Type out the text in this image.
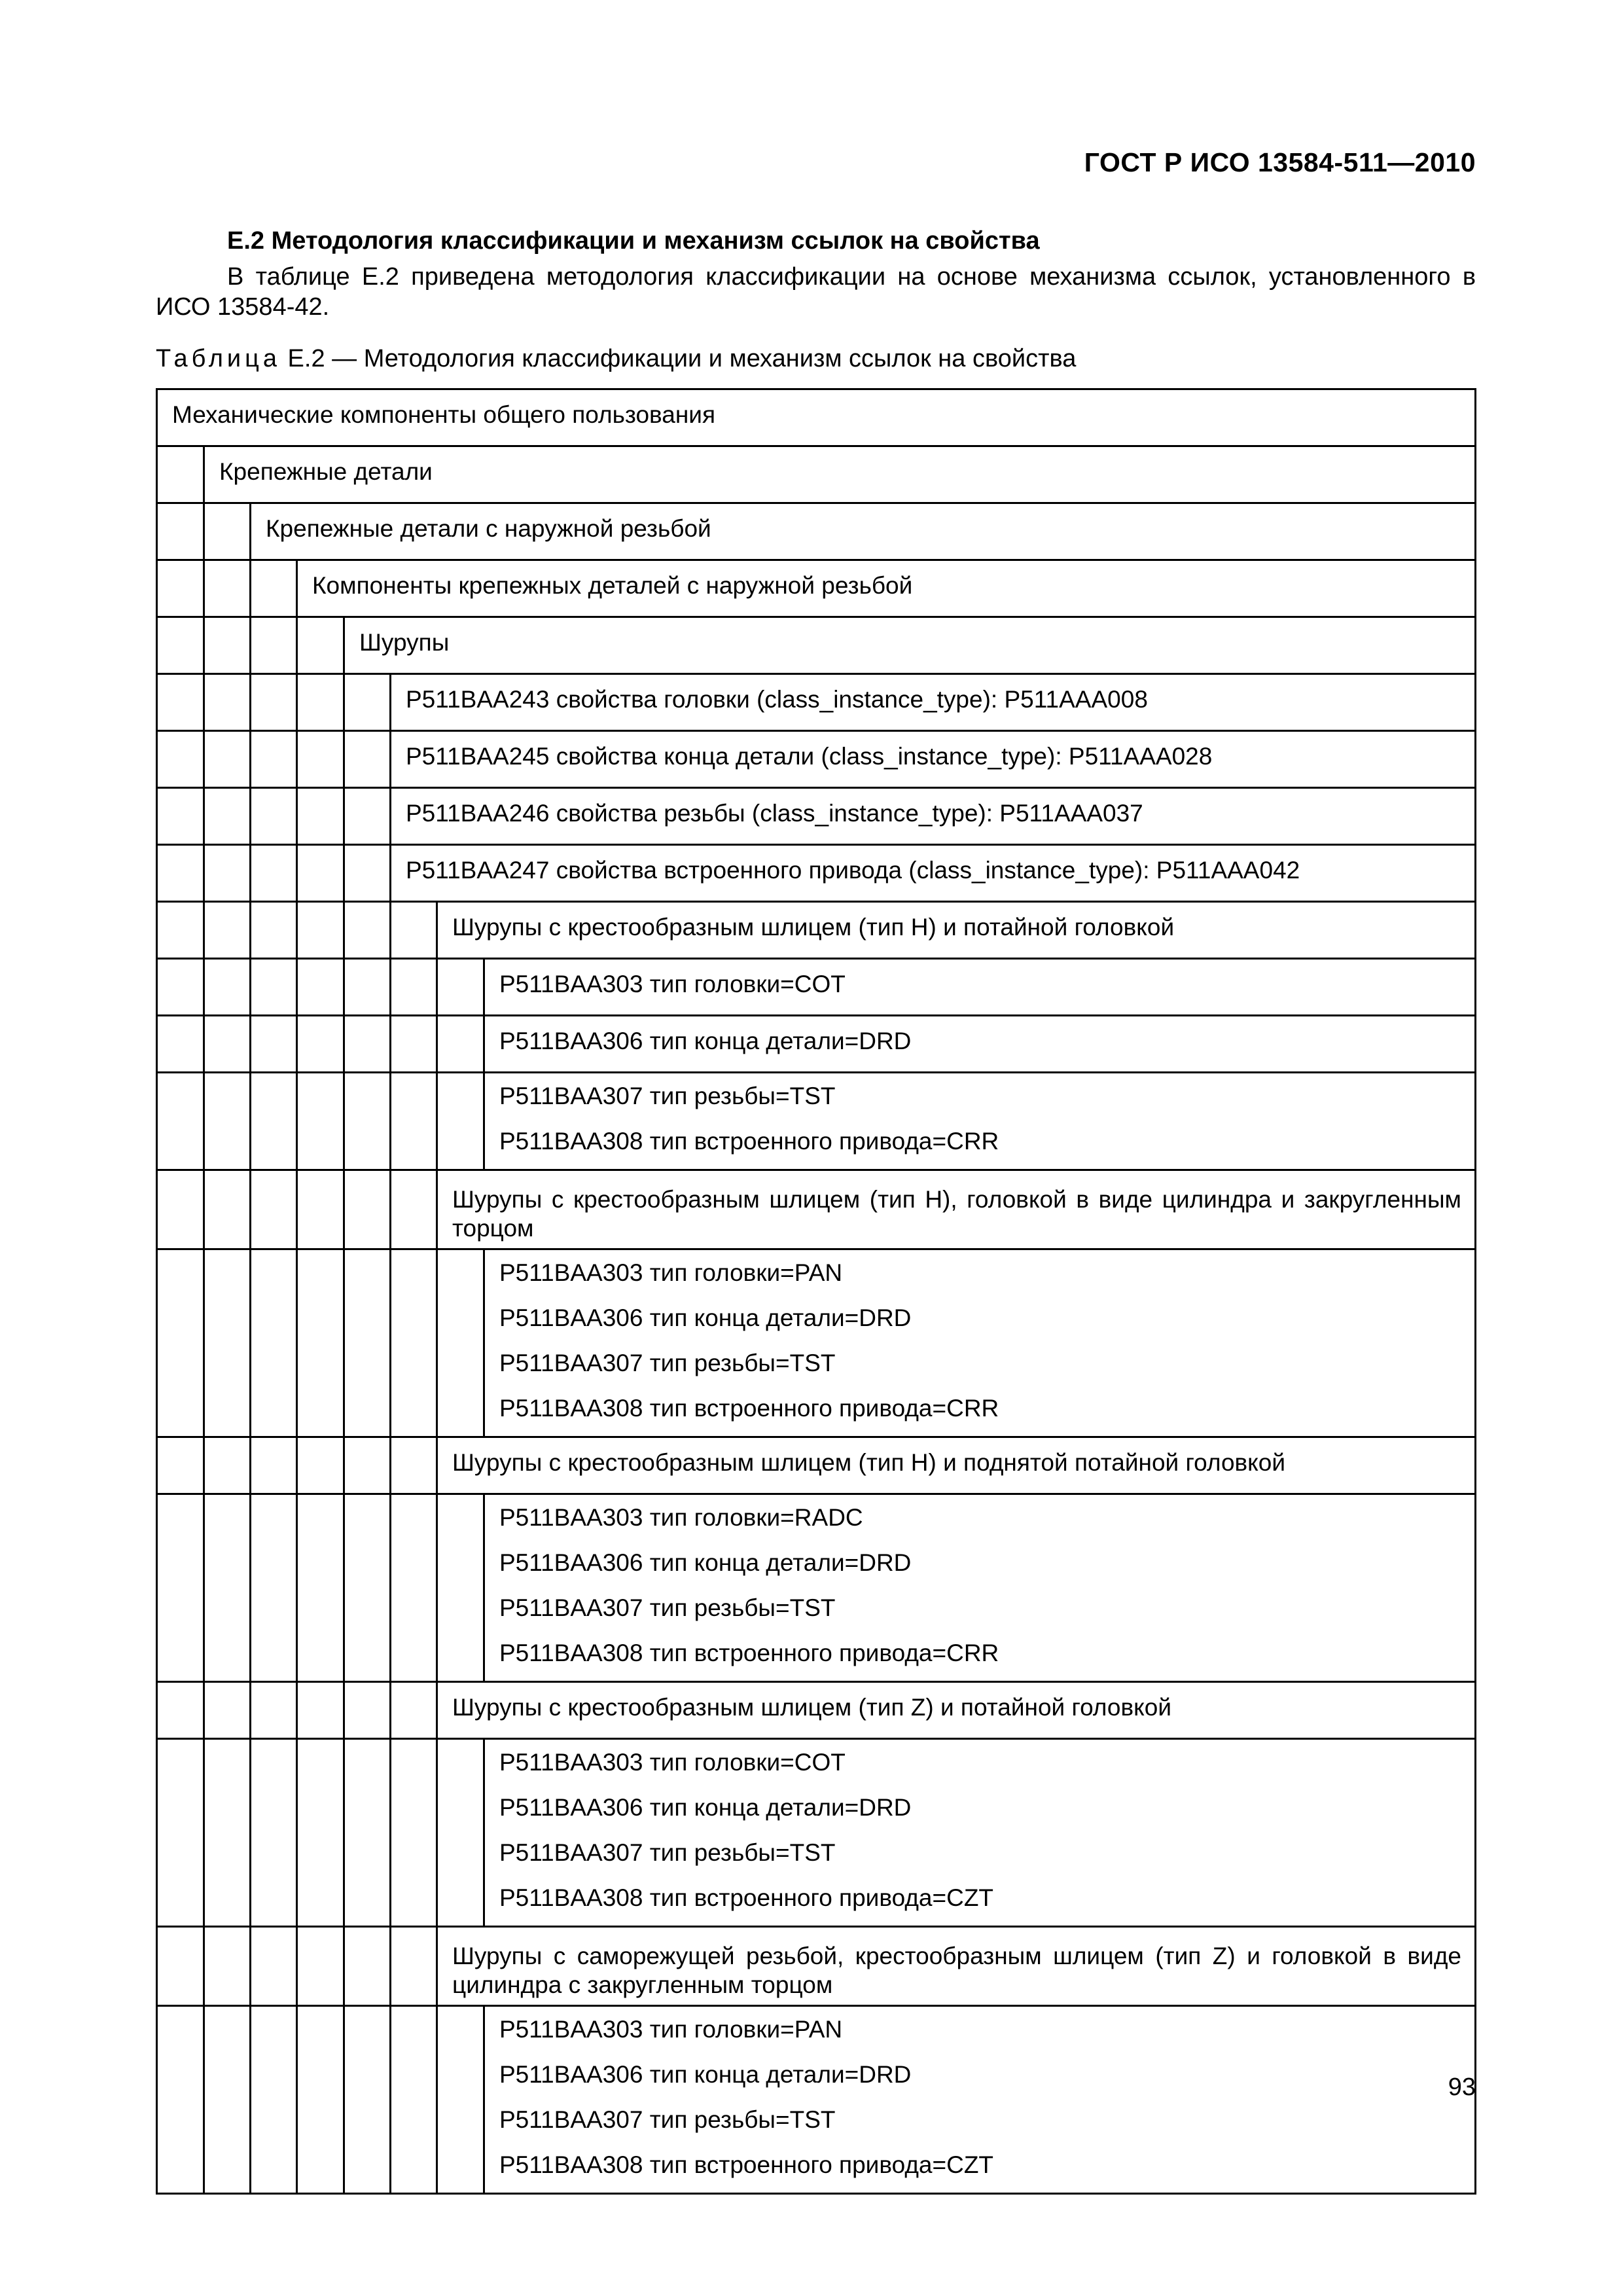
ГОСТ Р ИСО 13584-511—2010
Е.2 Методология классификации и механизм ссылок на свойства
В таблице Е.2 приведена методология классификации на основе механизма ссылок, установленного в ИСО 13584-42.
Таблица Е.2 — Методология классификации и механизм ссылок на свойства
Механические компоненты общего пользования							
	Крепежные детали						
		Крепежные детали с наружной резьбой					
			Компоненты крепежных деталей с наружной резьбой				
				Шурупы			
					P511BAA243 свойства головки (class_instance_type): P511AAA008		
					P511BAA245 свойства конца детали (class_instance_type): P511AAA028		
					P511BAA246 свойства резьбы (class_instance_type): P511AAA037		
					P511BAA247 свойства встроенного привода (class_instance_type): P511AAA042		
						Шурупы с крестообразным шлицем (тип H) и потайной головкой	
							P511BAA303 тип головки=COT
							P511BAA306 тип конца детали=DRD

							P511BAA307 тип резьбы=TST
P511BAA308 тип встроенного привода=CRR

						Шурупы с крестообразным шлицем (тип H), головкой в виде цилиндра и закругленным торцом	

							P511BAA303 тип головки=PAN
P511BAA306 тип конца детали=DRD
P511BAA307 тип резьбы=TST
P511BAA308 тип встроенного привода=CRR

						Шурупы с крестообразным шлицем (тип H) и поднятой потайной головкой	

							P511BAA303 тип головки=RADC
P511BAA306 тип конца детали=DRD
P511BAA307 тип резьбы=TST
P511BAA308 тип встроенного привода=CRR

						Шурупы с крестообразным шлицем (тип Z) и потайной головкой	

							P511BAA303 тип головки=COT
P511BAA306 тип конца детали=DRD
P511BAA307 тип резьбы=TST
P511BAA308 тип встроенного привода=CZT

						Шурупы с саморежущей резьбой, крестообразным шлицем (тип Z) и головкой в виде цилиндра с закругленным торцом	

							P511BAA303 тип головки=PAN
P511BAA306 тип конца детали=DRD
P511BAA307 тип резьбы=TST
P511BAA308 тип встроенного привода=CZT
93
